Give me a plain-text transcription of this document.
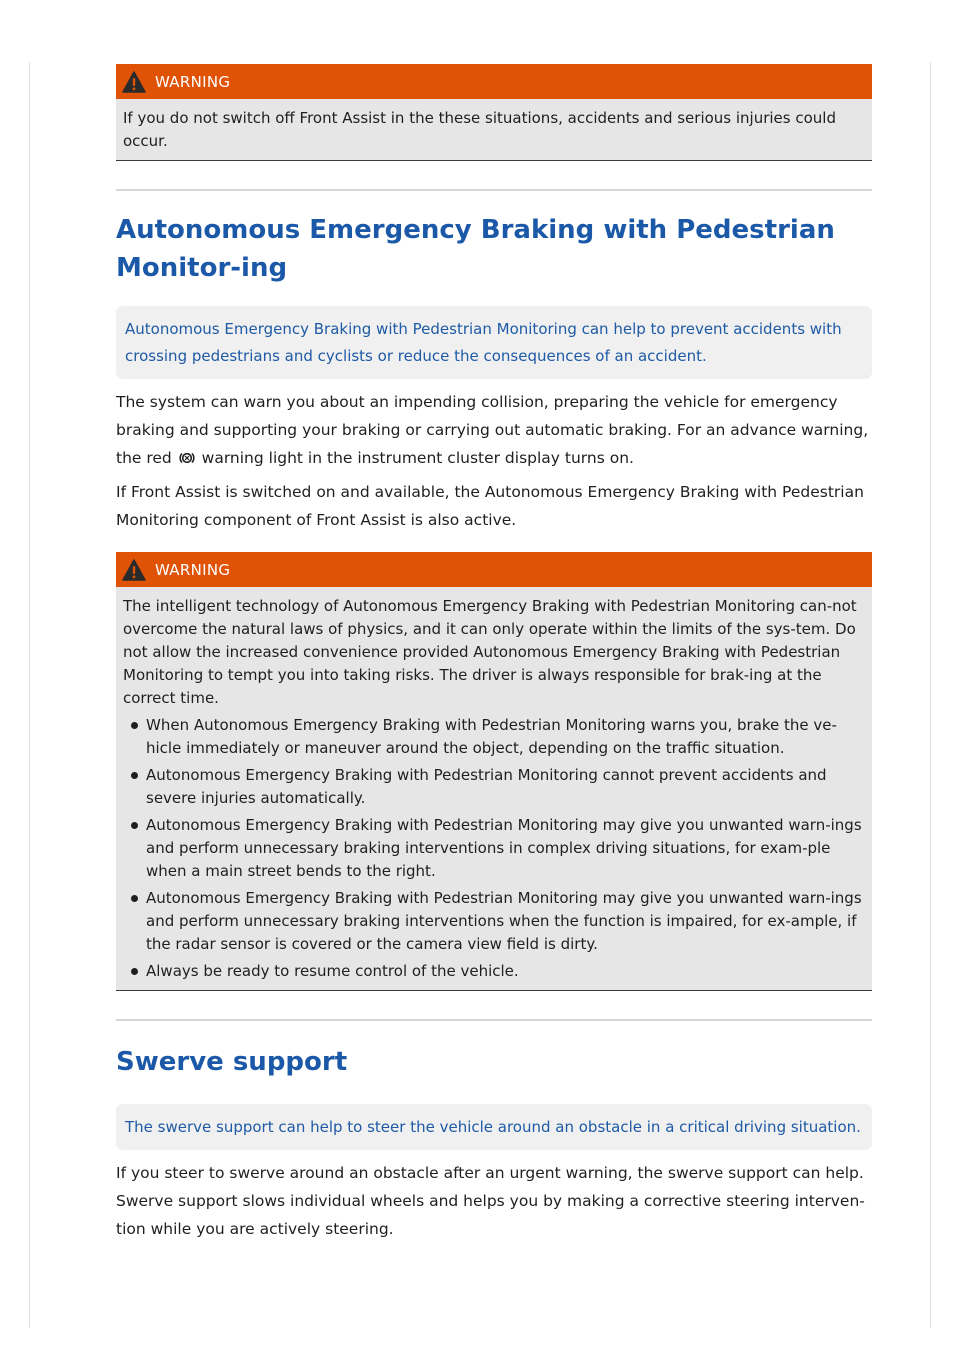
WARNING

If you do not switch off Front Assist in the these situations, accidents and serious injuries could occur.

Autonomous Emergency Braking with Pedestrian Monitor-ing
Autonomous Emergency Braking with Pedestrian Monitoring can help to prevent accidents with crossing pedestrians and cyclists or reduce the consequences of an accident.

The system can warn you about an impending collision, preparing the vehicle for emergency braking and supporting your braking or carrying out automatic braking. For an advance warning, the red warning light in the instrument cluster display turns on.

If Front Assist is switched on and available, the Autonomous Emergency Braking with Pedestrian Monitoring component of Front Assist is also active.

WARNING

The intelligent technology of Autonomous Emergency Braking with Pedestrian Monitoring can-not overcome the natural laws of physics, and it can only operate within the limits of the sys-tem. Do not allow the increased convenience provided Autonomous Emergency Braking with Pedestrian Monitoring to tempt you into taking risks. The driver is always responsible for brak-ing at the correct time.

When Autonomous Emergency Braking with Pedestrian Monitoring warns you, brake the ve-hicle immediately or maneuver around the object, depending on the traffic situation.
Autonomous Emergency Braking with Pedestrian Monitoring cannot prevent accidents and severe injuries automatically.
Autonomous Emergency Braking with Pedestrian Monitoring may give you unwanted warn-ings and perform unnecessary braking interventions in complex driving situations, for exam-ple when a main street bends to the right.
Autonomous Emergency Braking with Pedestrian Monitoring may give you unwanted warn-ings and perform unnecessary braking interventions when the function is impaired, for ex-ample, if the radar sensor is covered or the camera view field is dirty.
Always be ready to resume control of the vehicle.
Swerve support
The swerve support can help to steer the vehicle around an obstacle in a critical driving situation.

If you steer to swerve around an obstacle after an urgent warning, the swerve support can help. Swerve support slows individual wheels and helps you by making a corrective steering interven-tion while you are actively steering.
